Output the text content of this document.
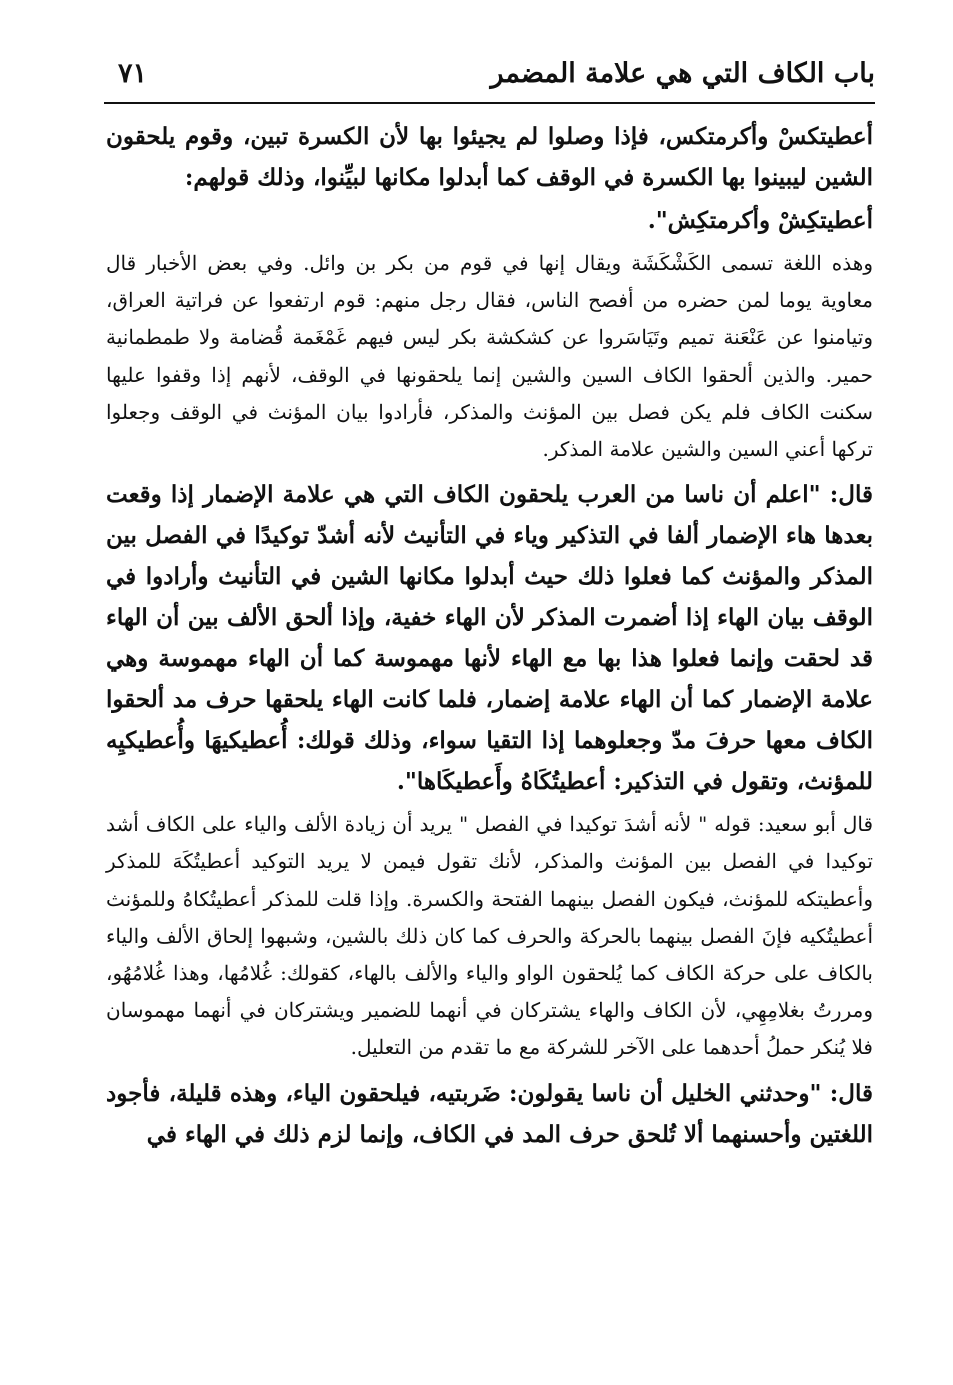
باب الكاف التي هي علامة المضمر
٧١

أعطيتكسْ وأكرمتكس، فإذا وصلوا لم يجيئوا بها لأن الكسرة تبين، وقوم يلحقون الشين ليبينوا بها الكسرة في الوقف كما أبدلوا مكانها لبيِّنوا، وذلك قولهم:

أعطيتكِشْ وأكرمتكِش".

وهذه اللغة تسمى الكَشْكَشَة ويقال إنها في قوم من بكر بن وائل. وفي بعض الأخبار قال معاوية يوما لمن حضره من أفصح الناس، فقال رجل منهم: قوم ارتفعوا عن فراتية العراق، وتيامنوا عن عَنْعَنة تميم وتَيَاسَروا عن كشكشة بكر ليس فيهم غَمْغَمة قُضامة ولا طمطمانية حمير. والذين ألحقوا الكاف السين والشين إنما يلحقونها في الوقف، لأنهم إذا وقفوا عليها سكنت الكاف فلم يكن فصل بين المؤنث والمذكر، فأرادوا بيان المؤنث في الوقف وجعلوا تركها أعني السين والشين علامة المذكر.

قال: "اعلم أن ناسا من العرب يلحقون الكاف التي هي علامة الإضمار إذا وقعت بعدها هاء الإضمار ألفا في التذكير وياء في التأنيث لأنه أشدّ توكيدًا في الفصل بين المذكر والمؤنث كما فعلوا ذلك حيث أبدلوا مكانها الشين في التأنيث وأرادوا في الوقف بيان الهاء إذا أضمرت المذكر لأن الهاء خفية، وإذا ألحق الألف بين أن الهاء قد لحقت وإنما فعلوا هذا بها مع الهاء لأنها مهموسة كما أن الهاء مهموسة وهي علامة الإضمار كما أن الهاء علامة إضمار، فلما كانت الهاء يلحقها حرف مد ألحقوا الكاف معها حرفَ مدّ وجعلوهما إذا التقيا سواء، وذلك قولك: أُعطيكيهَا وأُعطيكيِه للمؤنث، وتقول في التذكير: أعطيتُكَاهُ وأَعطيكَاها".

قال أبو سعيد: قوله " لأنه أشدَ توكيدا في الفصل " يريد أن زيادة الألف والياء على الكاف أشد توكيدا في الفصل بين المؤنث والمذكر، لأنك تقول فيمن لا يريد التوكيد أعطيتُكَهَ للمذكر وأعطيتكه للمؤنث، فيكون الفصل بينهما الفتحة والكسرة. وإذا قلت للمذكر أعطيتُكاهُ وللمؤنث أعطيتُكيه فإنَ الفصل بينهما بالحركة والحرف كما كان ذلك بالشين، وشبهوا إلحاق الألف والياء بالكاف على حركة الكاف كما يُلحقون الواو والياء والألف بالهاء، كقولك: غُلامُها، وهذا غُلامُهُو، ومررتُ بغلامِهِي، لأن الكاف والهاء يشتركان في أنهما للضمير ويشتركان في أنهما مهموسان فلا يُنكر حملُ أحدهما على الآخر للشركة مع ما تقدم من التعليل.

قال: "وحدثني الخليل أن ناسا يقولون: ضَربتيه، فيلحقون الياء، وهذه قليلة، فأجود اللغتين وأحسنهما ألا تُلحق حرف المد في الكاف، وإنما لزم ذلك في الهاء في
